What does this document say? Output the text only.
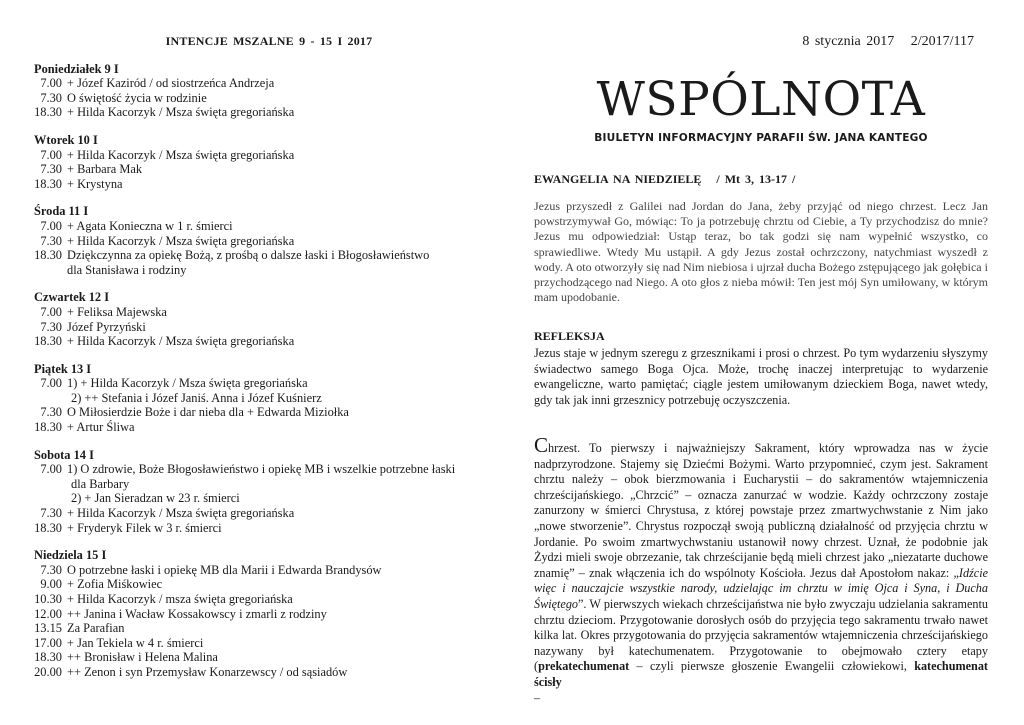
INTENCJE MSZALNE 9 - 15 I 2017
Poniedziałek 9 I
7.00 + Józef Kaziród / od siostrzeńca Andrzeja
7.30 O świętość życia w rodzinie
18.30 + Hilda Kacorzyk / Msza święta gregoriańska
Wtorek 10 I
7.00 + Hilda Kacorzyk / Msza święta gregoriańska
7.30 + Barbara Mak
18.30 + Krystyna
Środa 11 I
7.00 + Agata Konieczna w 1 r. śmierci
7.30 + Hilda Kacorzyk / Msza święta gregoriańska
18.30 Dziękczynna za opiekę Bożą, z prośbą o dalsze łaski i Błogosławieństwo
dla Stanisława i rodziny
Czwartek 12 I
7.00 + Feliksa Majewska
7.30 Józef Pyrzyński
18.30 + Hilda Kacorzyk / Msza święta gregoriańska
Piątek 13 I
7.00 1) + Hilda Kacorzyk / Msza święta gregoriańska
2) ++ Stefania i Józef Janiś. Anna i Józef Kuśnierz
7.30 O Miłosierdzie Boże i dar nieba dla + Edwarda Miziołka
18.30 + Artur Śliwa
Sobota 14 I
7.00 1) O zdrowie, Boże Błogosławieństwo i opiekę MB i wszelkie potrzebne łaski
dla Barbary
2) + Jan Sieradzan w 23 r. śmierci
7.30 + Hilda Kacorzyk / Msza święta gregoriańska
18.30 + Fryderyk Filek w 3 r. śmierci
Niedziela 15 I
7.30 O potrzebne łaski i opiekę MB dla Marii i Edwarda Brandysów
9.00 + Zofia Miśkowiec
10.30 + Hilda Kacorzyk / msza święta gregoriańska
12.00 ++ Janina i Wacław Kossakowscy i zmarli z rodziny
13.15 Za Parafian
17.00 + Jan Tekiela w 4 r. śmierci
18.30 ++ Bronisław i Helena Malina
20.00 ++ Zenon i syn Przemysław Konarzewscy / od sąsiadów
8 stycznia 2017 2/2017/117
WSPÓLNOTA
BIULETYN INFORMACYJNY PARAFII ŚW. JANA KANTEGO
EWANGELIA NA NIEDZIELĘ / Mt 3, 13-17 /
Jezus przyszedł z Galilei nad Jordan do Jana, żeby przyjąć od niego chrzest. Lecz Jan powstrzymywał Go, mówiąc: To ja potrzebuję chrztu od Ciebie, a Ty przychodzisz do mnie? Jezus mu odpowiedział: Ustąp teraz, bo tak godzi się nam wypełnić wszystko, co sprawiedliwe. Wtedy Mu ustąpił. A gdy Jezus został ochrzczony, natychmiast wyszedł z wody. A oto otworzyły się nad Nim niebiosa i ujrzał ducha Bożego zstępującego jak gołębica i przychodzącego nad Niego. A oto głos z nieba mówił: Ten jest mój Syn umiłowany, w którym mam upodobanie.
REFLEKSJA
Jezus staje w jednym szeregu z grzesznikami i prosi o chrzest. Po tym wydarzeniu słyszymy świadectwo samego Boga Ojca. Może, trochę inaczej interpretując to wydarzenie ewangeliczne, warto pamiętać; ciągle jestem umiłowanym dzieckiem Boga, nawet wtedy, gdy tak jak inni grzesznicy potrzebuję oczyszczenia.
Chrzest. To pierwszy i najważniejszy Sakrament, który wprowadza nas w życie nadprzyrodzone. Stajemy się Dziećmi Bożymi. Warto przypomnieć, czym jest. Sakrament chrztu należy – obok bierzmowania i Eucharystii – do sakramentów wtajemniczenia chrześcijańskiego. „Chrzcić” – oznacza zanurzać w wodzie. Każdy ochrzczony zostaje zanurzony w śmierci Chrystusa, z której powstaje przez zmartwychwstanie z Nim jako „nowe stworzenie”. Chrystus rozpoczął swoją publiczną działalność od przyjęcia chrztu w Jordanie. Po swoim zmartwychwstaniu ustanowił nowy chrzest. Uznał, że podobnie jak Żydzi mieli swoje obrzezanie, tak chrześcijanie będą mieli chrzest jako „niezatarte duchowe znamię” – znak włączenia ich do wspólnoty Kościoła. Jezus dał Apostołom nakaz: „Idźcie więc i nauczajcie wszystkie narody, udzielając im chrztu w imię Ojca i Syna, i Ducha Świętego”. W pierwszych wiekach chrześcijaństwa nie było zwyczaju udzielania sakramentu chrztu dzieciom. Przygotowanie dorosłych osób do przyjęcia tego sakramentu trwało nawet kilka lat. Okres przygotowania do przyjęcia sakramentów wtajemniczenia chrześcijańskiego nazywany był katechumenatem. Przygotowanie to obejmowało cztery etapy (prekatechumenat – czyli pierwsze głoszenie Ewangelii człowiekowi, katechumenat ścisły
–
